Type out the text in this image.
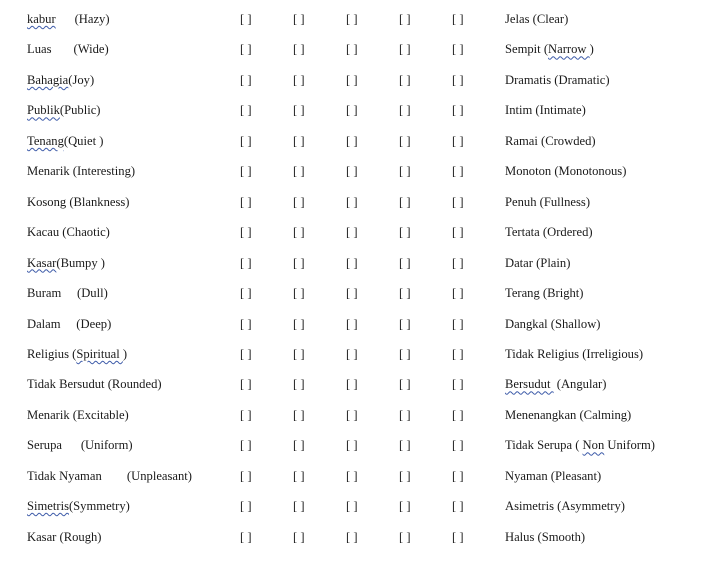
kabur      (Hazy)	[ ]	[ ]	[ ]	[ ]	[ ]	Jelas (Clear)
Luas       (Wide)	[ ]	[ ]	[ ]	[ ]	[ ]	Sempit (Narrow )
Bahagia(Joy)	[ ]	[ ]	[ ]	[ ]	[ ]	Dramatis (Dramatic)
Publik(Public)	[ ]	[ ]	[ ]	[ ]	[ ]	Intim (Intimate)
Tenang(Quiet )	[ ]	[ ]	[ ]	[ ]	[ ]	Ramai (Crowded)
Menarik (Interesting)	[ ]	[ ]	[ ]	[ ]	[ ]	Monoton (Monotonous)
Kosong (Blankness)	[ ]	[ ]	[ ]	[ ]	[ ]	Penuh (Fullness)
Kacau (Chaotic)	[ ]	[ ]	[ ]	[ ]	[ ]	Tertata (Ordered)
Kasar(Bumpy )	[ ]	[ ]	[ ]	[ ]	[ ]	Datar (Plain)
Buram     (Dull)	[ ]	[ ]	[ ]	[ ]	[ ]	Terang (Bright)
Dalam     (Deep)	[ ]	[ ]	[ ]	[ ]	[ ]	Dangkal (Shallow)
Religius (Spiritual )	[ ]	[ ]	[ ]	[ ]	[ ]	Tidak Religius (Irreligious)
Tidak Bersudut (Rounded)	[ ]	[ ]	[ ]	[ ]	[ ]	Bersudut  (Angular)
Menarik (Excitable)	[ ]	[ ]	[ ]	[ ]	[ ]	Menenangkan (Calming)
Serupa      (Uniform)	[ ]	[ ]	[ ]	[ ]	[ ]	Tidak Serupa ( Non Uniform)
Tidak Nyaman        (Unpleasant)	[ ]	[ ]	[ ]	[ ]	[ ]	Nyaman (Pleasant)
Simetris(Symmetry)	[ ]	[ ]	[ ]	[ ]	[ ]	Asimetris (Asymmetry)
Kasar (Rough)	[ ]	[ ]	[ ]	[ ]	[ ]	Halus (Smooth)
